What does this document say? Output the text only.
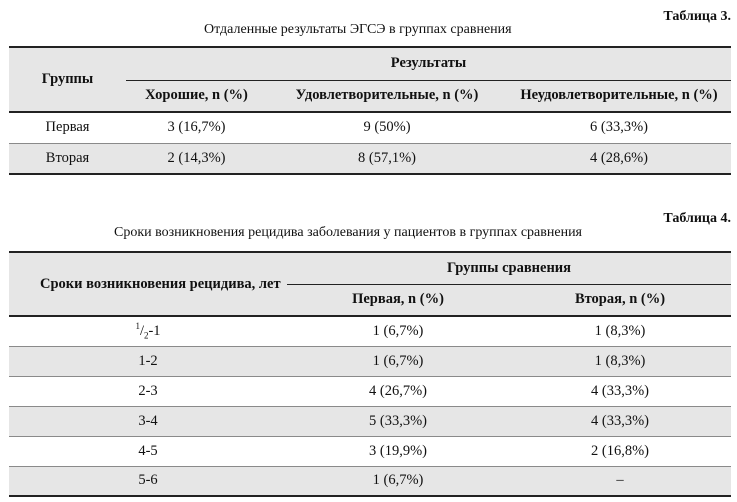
Таблица 3.
Отдаленные результаты ЭГСЭ в группах сравнения
Группы	Результаты		
	Хорошие, n (%)	Удовлетворительные, n (%)	Неудовлетворительные, n (%)
Первая	3 (16,7%)	9 (50%)	6 (33,3%)
Вторая	2 (14,3%)	8 (57,1%)	4 (28,6%)
Таблица 4.
Сроки возникновения рецидива заболевания у пациентов в группах сравнения
Сроки возникновения рецидива, лет	Группы сравнения	
	Первая, n (%)	Вторая, n (%)
$^1/_2-1$	1 (6,7%)	1 (8,3%)
1-2	1 (6,7%)	1 (8,3%)
2-3	4 (26,7%)	4 (33,3%)
3-4	5 (33,3%)	4 (33,3%)
4-5	3 (19,9%)	2 (16,8%)
5-6	1 (6,7%)	–
